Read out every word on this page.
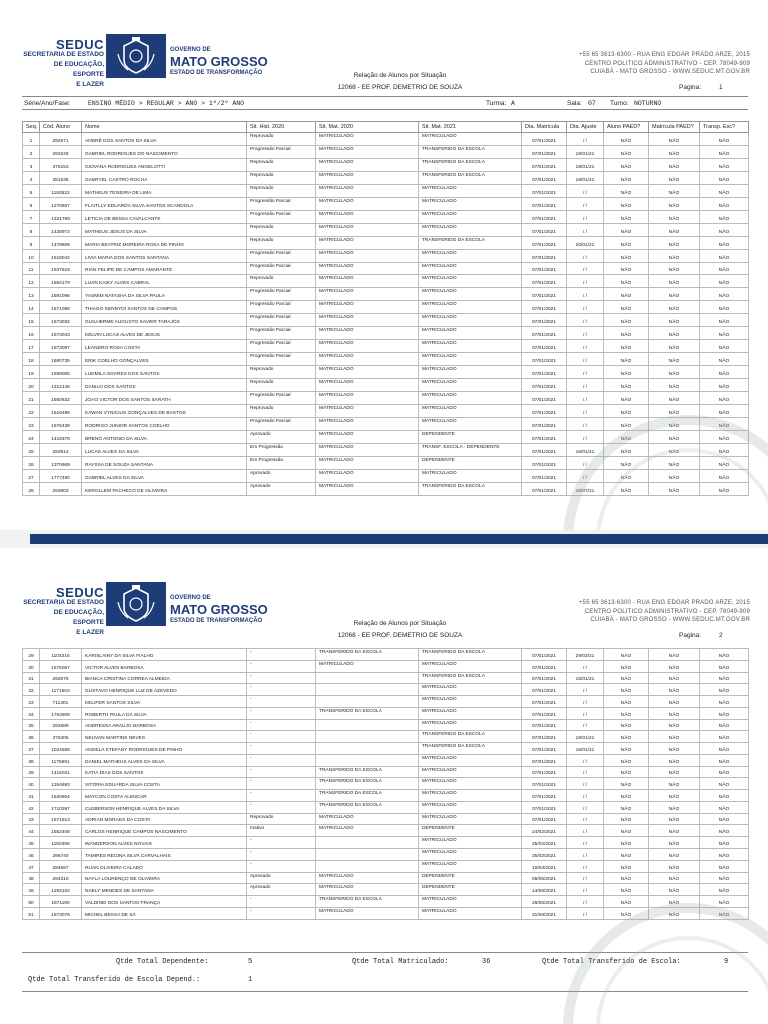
SEDUC
SECRETARIA DE ESTADO
DE EDUCAÇÃO, ESPORTE
E LAZER
GOVERNO DE
MATO GROSSO
ESTADO DE TRANSFORMAÇÃO	Relação de Alunos por Situação
12068 - EE PROF. DEMETRIO DE SOUZA
+55 65 3613-6300 - RUA ENG EDGAR PRADO ARZE, 2015
CENTRO POLITICO ADMINISTRATIVO - CEP. 78049-909
CUIABÁ - MATO GROSSO - WWW.SEDUC.MT.GOV.BR
Pagina:	1
Série/Ano/Fase:	ENSINO MÉDIO > REGULAR > ANO > 1º/2º ANO	Turma: A	Sala: 07 Turno: NOTURNO
Seq.	Cód. Aluno	Nome	Sit. Hist. 2020	Sit. Mat. 2020	Sit. Mat. 2021	Dta. Matrícula	Dta. Ajuste	Aluno PAED?	Matrícula PAED?	Transp. Esc?
1	292571	ANDRÉ DOS SANTOS DA SILVA	Reprovado	MATRICULADO	MATRICULADO	07/01/2021	/ /	NÃO	NÃO	NÃO
2	293248	GABRIEL RODRIGUES DO NASCIMENTO	Progressão Parcial	MATRICULADO	TRANSFERIDO DA ESCOLA	07/01/2021	18/01/21	NÃO	NÃO	NÃO
3	375153	GIOVANA RODRIGUES ANGELOTTI	Reprovado	MATRICULADO	TRANSFERIDO DA ESCOLA	07/01/2021	18/01/21	NÃO	NÃO	NÃO
4	381536	GABRYEL CASTRO ROCHA	Reprovado	MATRICULADO	TRANSFERIDO DA ESCOLA	07/01/2021	18/01/21	NÃO	NÃO	NÃO
5	1150522	MATHEUS TEIXEIRA DE LIMA	Reprovado	MATRICULADO	MATRICULADO	07/01/2021	/ /	NÃO	NÃO	NÃO
6	1270667	FLAITLLY EDUARDA SILVA SANTOS SCANDOLA	Progressão Parcial	MATRICULADO	MATRICULADO	07/01/2021	/ /	NÃO	NÃO	NÃO
7	1321799	LETICIA DE BESSA CAVALCANTE	Progressão Parcial	MATRICULADO	MATRICULADO	07/01/2021	/ /	NÃO	NÃO	NÃO
8	1428972	MATHEUS JESUS DA SILVA	Reprovado	MATRICULADO	MATRICULADO	07/01/2021	/ /	NÃO	NÃO	NÃO
9	1478609	MARIA BEATRIZ MOREIRA ROSA DE PINHO	Reprovado	MATRICULADO	TRANSFERIDO DA ESCOLA	07/01/2021	20/01/21	NÃO	NÃO	NÃO
10	1518042	LIVIA MARIA DOS SANTOS SANTANA	Progressão Parcial	MATRICULADO	MATRICULADO	07/01/2021	/ /	NÃO	NÃO	NÃO
11	1537519	RIAN FELIPE DE CAMPOS AMARANTE	Progressão Parcial	MATRICULADO	MATRICULADO	07/01/2021	/ /	NÃO	NÃO	NÃO
12	1564179	LUAN KAIKY ALVES CABRAL	Reprovado	MATRICULADO	MATRICULADO	07/01/2021	/ /	NÃO	NÃO	NÃO
13	1591096	YASMIM NATASHA DA SILVA PAULA	Progressão Parcial	MATRICULADO	MATRICULADO	07/01/2021	/ /	NÃO	NÃO	NÃO
14	1671068	THIAGO KENNYDI SANTOS DE CAMPOS	Progressão Parcial	MATRICULADO	MATRICULADO	07/01/2021	/ /	NÃO	NÃO	NÃO
15	1673032	GUILHERME AUGUSTO XAVIER TARAJÓS	Progressão Parcial	MATRICULADO	MATRICULADO	07/01/2021	/ /	NÃO	NÃO	NÃO
16	1673043	KELVIN LUCAS ALVES DE JESUS	Progressão Parcial	MATRICULADO	MATRICULADO	07/01/2021	/ /	NÃO	NÃO	NÃO
17	1673097	LEANDRO ROSA COSTA	Progressão Parcial	MATRICULADO	MATRICULADO	07/01/2021	/ /	NÃO	NÃO	NÃO
18	1680735	ERIK COELHO GONÇALVES	Progressão Parcial	MATRICULADO	MATRICULADO	07/01/2021	/ /	NÃO	NÃO	NÃO
19	1699005	LUDMILA SOARES DOS SANTOS	Reprovado	MATRICULADO	MATRICULADO	07/01/2021	/ /	NÃO	NÃO	NÃO
20	1312146	DANILO DOS SANTOS	Reprovado	MATRICULADO	MATRICULADO	07/01/2021	/ /	NÃO	NÃO	NÃO
21	1560632	JOAO VICTOR DOS SANTOS SARATH	Progressão Parcial	MATRICULADO	MATRICULADO	07/01/2021	/ /	NÃO	NÃO	NÃO
22	1619498	KAWAN VYNICIUS GONÇALVES DE BASTOS	Reprovado	MATRICULADO	MATRICULADO	07/01/2021	/ /	NÃO	NÃO	NÃO
23	1676439	RODRIGO JUNIOR SANTOS COELHO	Progressão Parcial	MATRICULADO	MATRICULADO	07/01/2021	/ /	NÃO	NÃO	NÃO
24	1419378	BRENO ANTONIO DA SILVA	Aprovado	MATRICULADO	DEPENDENTE	07/01/2021	/ /	NÃO	NÃO	NÃO
25	293914	LUCAS ALVES DA SILVA	Em Progressão	MATRICULADO	TRANSF. ESCOLA - DEPENDENTE	07/01/2021	16/01/21	NÃO	NÃO	NÃO
26	1370969	RAYSSA DE SOUZA SANTANA	Em Progressão	MATRICULADO	DEPENDENTE	07/01/2021	/ /	NÃO	NÃO	NÃO
27	1777490	GABRIEL ALVES DA SILVA	Aprovado	MATRICULADO	MATRICULADO	07/01/2021	/ /	NÃO	NÃO	NÃO
28	293803	KEROLLEM PACHECO DE OLIVEIRA	Aprovado	MATRICULADO	TRANSFERIDO DA ESCOLA	07/01/2021	16/07/21	NÃO	NÃO	NÃO
SEDUC
SECRETARIA DE ESTADO
DE EDUCAÇÃO, ESPORTE
E LAZER
GOVERNO DE
MATO GROSSO
ESTADO DE TRANSFORMAÇÃO	Relação de Alunos por Situação
12068 - EE PROF. DEMETRIO DE SOUZA
+55 65 3613-6300 - RUA ENG EDGAR PRADO ARZE, 2015
CENTRO POLITICO ADMINISTRATIVO - CEP. 78049-909
CUIABÁ - MATO GROSSO - WWW.SEDUC.MT.GOV.BR
Pagina:	2
29	1104316	KARISLAINY DA SILVA FIALHO	-	TRANSFERIDO DA ESCOLA	TRANSFERIDO DA ESCOLA	07/01/2021	29/03/21	NÃO	NÃO	NÃO
30	1676067	VICTOR ALVES BARBOSA	-	MATRICULADO	MATRICULADO	07/01/2021	/ /	NÃO	NÃO	NÃO
31	292676	BIANCA CRISTINA CORREA ALMEIDA	-		TRANSFERIDO DA ESCOLA	07/01/2021	15/01/21	NÃO	NÃO	NÃO
32	1171603	GUSTAVO HENRIQUE LUZ DE AZEVEDO	-		MATRICULADO	07/01/2021	/ /	NÃO	NÃO	NÃO
33	711301	KELIFER SANTOS SILVA	-		MATRICULADO	07/01/2021	/ /	NÃO	NÃO	NÃO
34	1763909	ROBERTH PAULA DA SILVA	-	TRANSFERIDO DA ESCOLA	MATRICULADO	07/01/2021	/ /	NÃO	NÃO	NÃO
35	292589	ANDRESSA ARAUJO BARBOSA	-		MATRICULADO	07/01/2021	/ /	NÃO	NÃO	NÃO
36	376305	NEUVAN MARTINS NEVES	-		TRANSFERIDO DA ESCOLA	07/01/2021	18/01/21	NÃO	NÃO	NÃO
37	1024568	ANGELA STEFANY RODRIGUES DE PINHO	-		TRANSFERIDO DA ESCOLA	07/01/2021	16/01/21	NÃO	NÃO	NÃO
38	1175591	DANIEL MATHEUS ALVES DA SILVA	-		MATRICULADO	07/01/2021	/ /	NÃO	NÃO	NÃO
39	1415021	KATIA DIAS DOS SANTOS	-	TRANSFERIDO DA ESCOLA	MATRICULADO	07/01/2021	/ /	NÃO	NÃO	NÃO
40	1264693	VITÓRIA EDUARDA SILVA COSTA	-	TRANSFERIDO DA ESCOLA	MATRICULADO	07/01/2021	/ /	NÃO	NÃO	NÃO
41	1540604	MAYCON COSTA ALENCAR	-	TRANSFERIDO DA ESCOLA	MATRICULADO	07/01/2021	/ /	NÃO	NÃO	NÃO
42	1710397	CLEBERSON HENRIQUE ALVES DA SILVA	-	TRANSFERIDO DA ESCOLA	MATRICULADO	07/01/2021	/ /	NÃO	NÃO	NÃO
43	1671913	ADRIAN MORAES DA COSTA	Reprovado	MATRICULADO	MATRICULADO	07/01/2021	/ /	NÃO	NÃO	NÃO
44	1552408	CARLOS HENRIQUE CAMPOS NASCIMENTO	Inativo	MATRICULADO	DEPENDENTE	24/02/2021	/ /	NÃO	NÃO	NÃO
45	1150395	WANDERSON ALVES NOVAIS	-		MATRICULADO	25/02/2021	/ /	NÃO	NÃO	NÃO
46	396740	TAMIRES REGINA SILVA CARVALHAIS	-		MATRICULADO	25/02/2021	/ /	NÃO	NÃO	NÃO
47	294697	RUAN OLIVEIRA CALADO	-		MATRICULADO	10/03/2021	/ /	NÃO	NÃO	NÃO
48	294310	NAYLA LOURENÇO DE OLIVEIRA	Aprovado	MATRICULADO	DEPENDENTE	05/05/2021	/ /	NÃO	NÃO	NÃO
49	1293102	NAELY MENDES DE SANTANA	Aprovado	MATRICULADO	DEPENDENTE	14/06/2021	/ /	NÃO	NÃO	NÃO
50	1671190	VALDINEI DOS SANTOS FRANÇA	-	TRANSFERIDO DA ESCOLA	MATRICULADO	26/06/2021	/ /	NÃO	NÃO	NÃO
51	1673076	MICHEL BESSA DE SÁ	-	MATRICULADO	MATRICULADO	31/08/2021	/ /	NÃO	NÃO	NÃO
Qtde Total Dependente:	5	Qtde Total Matriculado:	36	Qtde Total Transferido de Escola:	9
Qtde Total Transferido de Escola Depend.:	1
